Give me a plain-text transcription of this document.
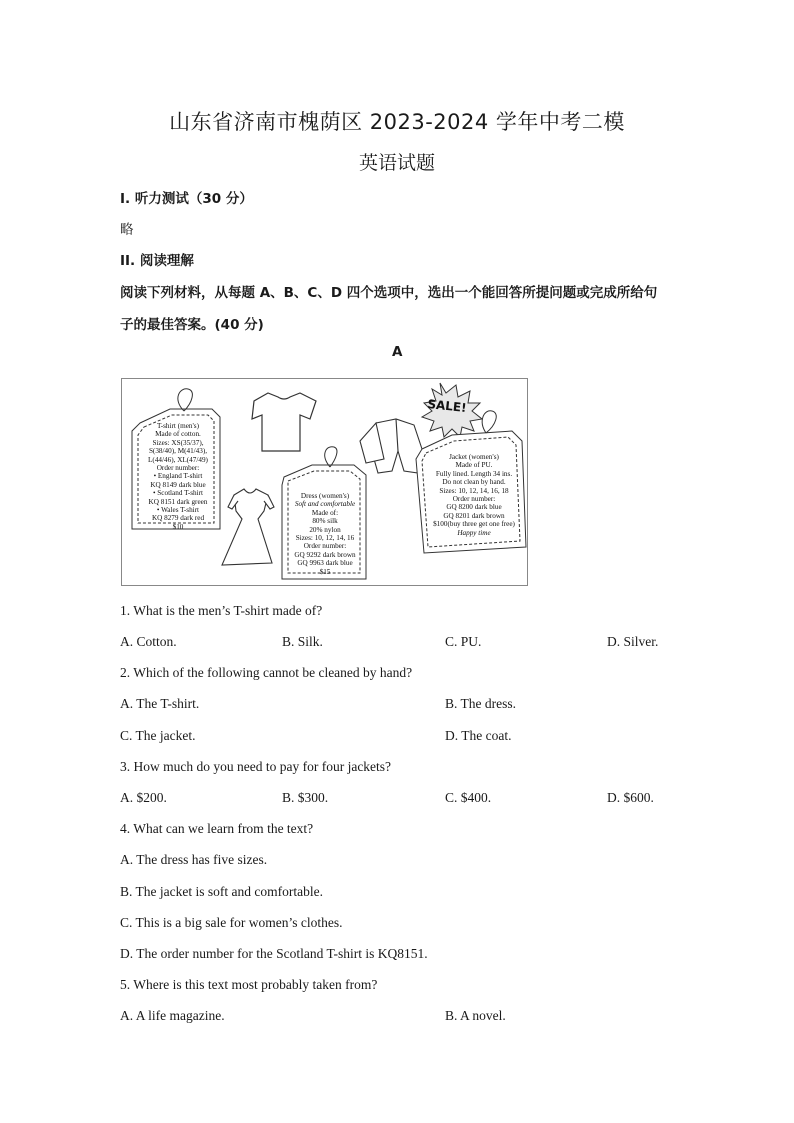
山东省济南市槐荫区 2023-2024 学年中考二模
英语试题
I. 听力测试（30 分）
略
II. 阅读理解
阅读下列材料，从每题 A、B、C、D 四个选项中，选出一个能回答所提问题或完成所给句
子的最佳答案。(40 分)
A
SALE!
T-shirt (men's)
Made of cotton.
Sizes: XS(35/37),
S(38/40), M(41/43),
L(44/46), XL(47/49)
Order number:
• England T-shirt
KQ 8149 dark blue
• Scotland T-shirt
KQ 8151 dark green
• Wales T-shirt
KQ 8279 dark red
$10
Dress (women's)
Soft and comfortable
Made of:
80% silk
20% nylon
Sizes: 10, 12, 14, 16
Order number:
GQ 9292 dark brown
GQ 9963 dark blue
$15
Jacket (women's)
Made of PU.
Fully lined. Length 34 ins.
Do not clean by hand.
Sizes: 10, 12, 14, 16, 18
Order number:
GQ 8200 dark blue
GQ 8201 dark brown
$100(buy three get one free)
Happy time
1. What is the men’s T-shirt made of?
A. Cotton.	B. Silk.	C. PU.	D. Silver.
2. Which of the following cannot be cleaned by hand?
A. The T-shirt.	B. The dress.
C. The jacket.	D. The coat.
3. How much do you need to pay for four jackets?
A. $200.	B. $300.	C. $400.	D. $600.
4. What can we learn from the text?
A. The dress has five sizes.
B. The jacket is soft and comfortable.
C. This is a big sale for women’s clothes.
D. The order number for the Scotland T-shirt is KQ8151.
5. Where is this text most probably taken from?
A. A life magazine.	B. A novel.
